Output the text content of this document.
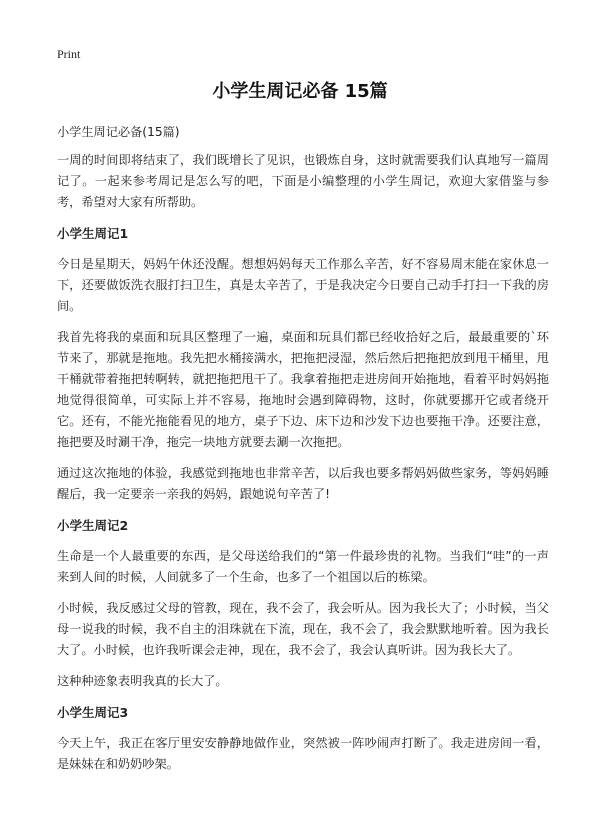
Print
小学生周记必备 15篇

小学生周记必备(15篇)

一周的时间即将结束了，我们既增长了见识，也锻炼自身，这时就需要我们认真地写一篇周记了。一起来参考周记是怎么写的吧，下面是小编整理的小学生周记，欢迎大家借鉴与参考，希望对大家有所帮助。

小学生周记1

今日是星期天，妈妈午休还没醒。想想妈妈每天工作那么辛苦，好不容易周末能在家休息一下，还要做饭洗衣服打扫卫生，真是太辛苦了，于是我决定今日要自己动手打扫一下我的房间。

我首先将我的桌面和玩具区整理了一遍，桌面和玩具们都已经收拾好之后，最最重要的`环节来了，那就是拖地。我先把水桶接满水，把拖把浸湿，然后然后把拖把放到甩干桶里，甩干桶就带着拖把转啊转，就把拖把甩干了。我拿着拖把走进房间开始拖地，看着平时妈妈拖地觉得很简单，可实际上并不容易，拖地时会遇到障碍物，这时，你就要挪开它或者绕开它。还有，不能光拖能看见的地方，桌子下边、床下边和沙发下边也要拖干净。还要注意，拖把要及时涮干净，拖完一块地方就要去涮一次拖把。

通过这次拖地的体验，我感觉到拖地也非常辛苦，以后我也要多帮妈妈做些家务，等妈妈睡醒后，我一定要亲一亲我的妈妈，跟她说句辛苦了!

小学生周记2

生命是一个人最重要的东西，是父母送给我们的“第一件最珍贵的礼物。当我们“哇”的一声来到人间的时候，人间就多了一个生命，也多了一个祖国以后的栋梁。

小时候，我反感过父母的管教，现在，我不会了，我会听从。因为我长大了；小时候，当父母一说我的时候，我不自主的泪珠就在下流，现在，我不会了，我会默默地听着。因为我长大了。小时候，也许我听课会走神，现在，我不会了，我会认真听讲。因为我长大了。

这种种迹象表明我真的长大了。

小学生周记3

今天上午，我正在客厅里安安静静地做作业，突然被一阵吵闹声打断了。我走进房间一看，是妹妹在和奶奶吵架。
